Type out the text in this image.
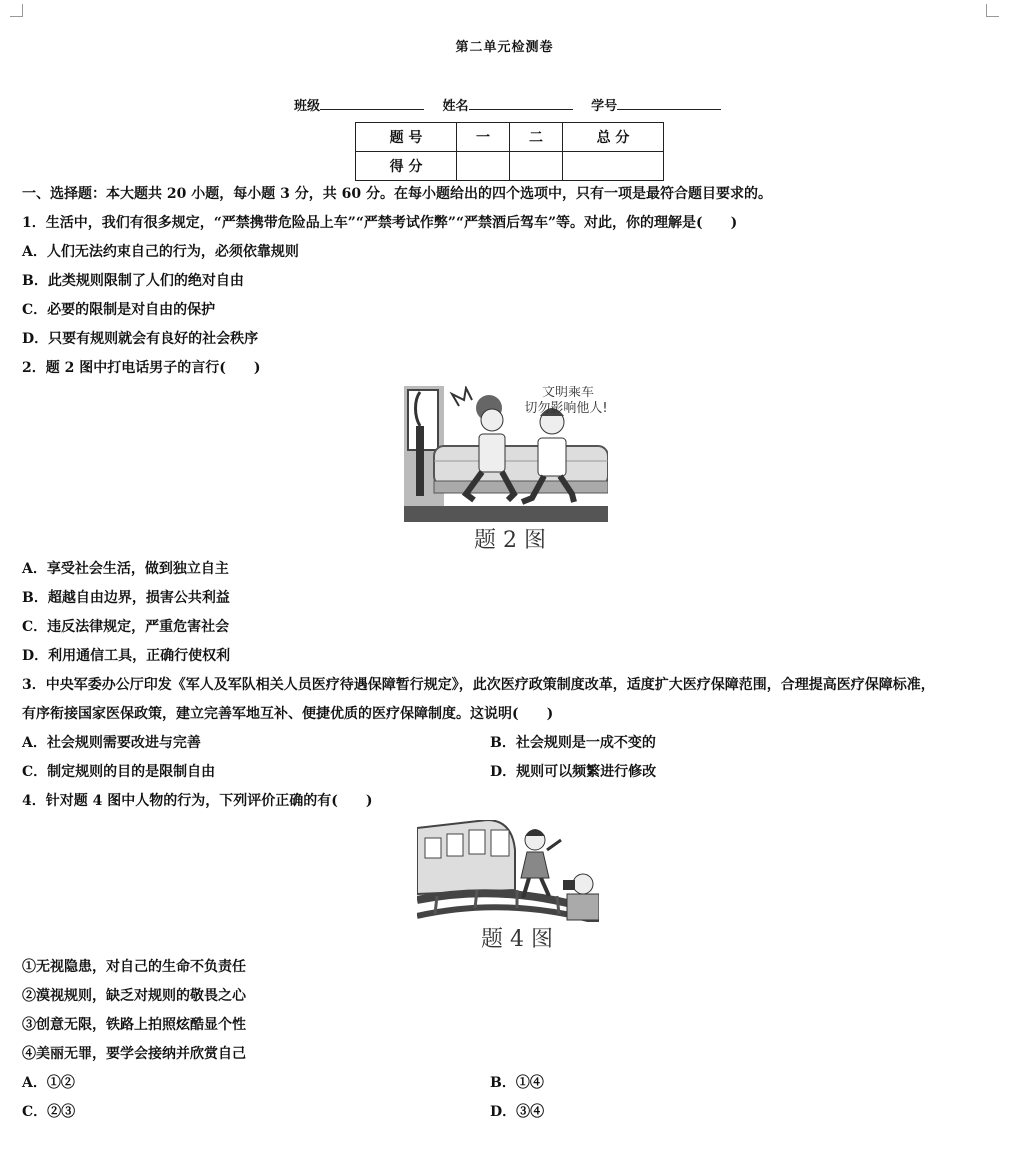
第二单元检测卷
班级	姓名	学号
题 号	一	二	总 分
得 分			
一、选择题：本大题共 20 小题，每小题 3 分，共 60 分。在每小题给出的四个选项中，只有一项是最符合题目要求的。
1．生活中，我们有很多规定，“严禁携带危险品上车”“严禁考试作弊”“严禁酒后驾车”等。对此，你的理解是(　　)
A．人们无法约束自己的行为，必须依靠规则
B．此类规则限制了人们的绝对自由
C．必要的限制是对自由的保护
D．只要有规则就会有良好的社会秩序
2．题 2 图中打电话男子的言行(　　)
文明乘车
切勿影响他人!
题 2 图
A．享受社会生活，做到独立自主
B．超越自由边界，损害公共利益
C．违反法律规定，严重危害社会
D．利用通信工具，正确行使权利
3．中央军委办公厅印发《军人及军队相关人员医疗待遇保障暂行规定》，此次医疗政策制度改革，适度扩大医疗保障范围，合理提高医疗保障标准，
有序衔接国家医保政策，建立完善军地互补、便捷优质的医疗保障制度。这说明(　　)
A．社会规则需要改进与完善	B．社会规则是一成不变的
C．制定规则的目的是限制自由	D．规则可以频繁进行修改
4．针对题 4 图中人物的行为，下列评价正确的有(　　)
题 4 图
①无视隐患，对自己的生命不负责任
②漠视规则，缺乏对规则的敬畏之心
③创意无限，铁路上拍照炫酷显个性
④美丽无罪，要学会接纳并欣赏自己
A．①②	B．①④
C．②③	D．③④
